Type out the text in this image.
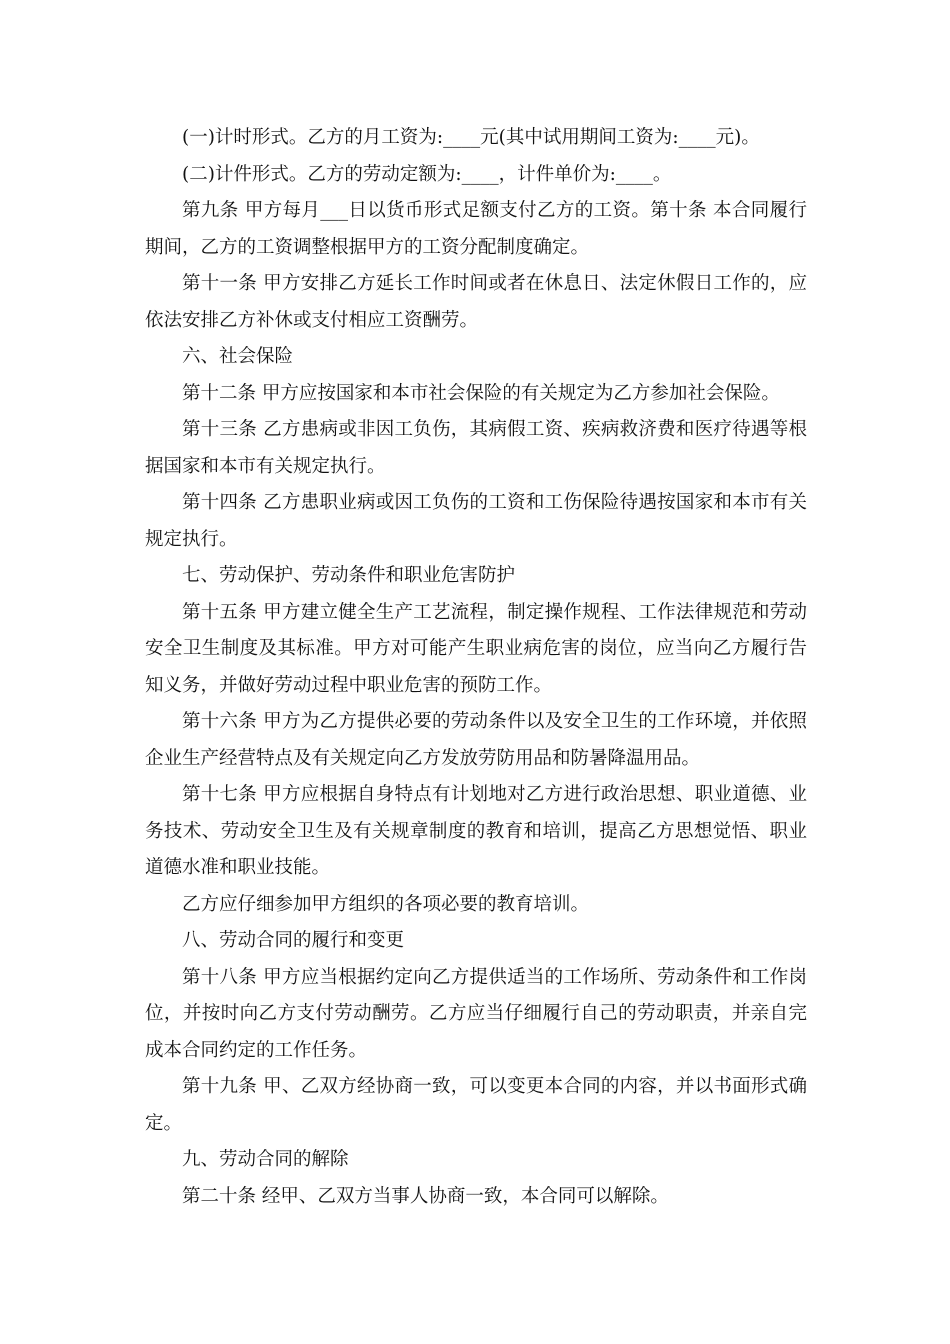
(一)计时形式。乙方的月工资为:____元(其中试用期间工资为:____元)。

(二)计件形式。乙方的劳动定额为:____，计件单价为:____。

第九条 甲方每月___日以货币形式足额支付乙方的工资。第十条 本合同履行期间，乙方的工资调整根据甲方的工资分配制度确定。

第十一条 甲方安排乙方延长工作时间或者在休息日、法定休假日工作的，应依法安排乙方补休或支付相应工资酬劳。

六、社会保险

第十二条 甲方应按国家和本市社会保险的有关规定为乙方参加社会保险。

第十三条 乙方患病或非因工负伤，其病假工资、疾病救济费和医疗待遇等根据国家和本市有关规定执行。

第十四条 乙方患职业病或因工负伤的工资和工伤保险待遇按国家和本市有关规定执行。

七、劳动保护、劳动条件和职业危害防护

第十五条 甲方建立健全生产工艺流程，制定操作规程、工作法律规范和劳动安全卫生制度及其标准。甲方对可能产生职业病危害的岗位，应当向乙方履行告知义务，并做好劳动过程中职业危害的预防工作。

第十六条 甲方为乙方提供必要的劳动条件以及安全卫生的工作环境，并依照企业生产经营特点及有关规定向乙方发放劳防用品和防暑降温用品。

第十七条 甲方应根据自身特点有计划地对乙方进行政治思想、职业道德、业务技术、劳动安全卫生及有关规章制度的教育和培训，提高乙方思想觉悟、职业道德水准和职业技能。

乙方应仔细参加甲方组织的各项必要的教育培训。

八、劳动合同的履行和变更

第十八条 甲方应当根据约定向乙方提供适当的工作场所、劳动条件和工作岗位，并按时向乙方支付劳动酬劳。乙方应当仔细履行自己的劳动职责，并亲自完成本合同约定的工作任务。

第十九条 甲、乙双方经协商一致，可以变更本合同的内容，并以书面形式确定。

九、劳动合同的解除

第二十条 经甲、乙双方当事人协商一致，本合同可以解除。
